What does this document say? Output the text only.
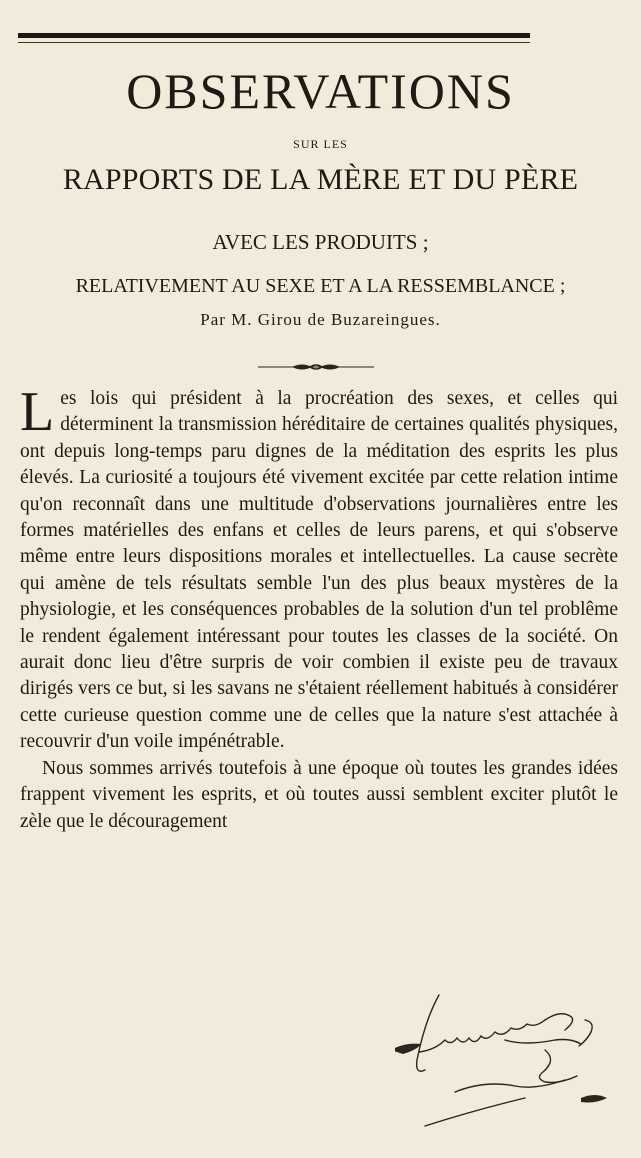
OBSERVATIONS
SUR LES
RAPPORTS DE LA MÈRE ET DU PÈRE
AVEC LES PRODUITS ;
RELATIVEMENT AU SEXE ET A LA RESSEMBLANCE ;
Par M. Girou de Buzareingues.

Les lois qui président à la procréation des sexes, et celles qui déterminent la transmission héréditaire de certaines qualités physiques, ont depuis long-temps paru dignes de la méditation des esprits les plus élevés. La curiosité a toujours été vivement excitée par cette relation intime qu'on reconnaît dans une multitude d'observations journalières entre les formes matérielles des enfans et celles de leurs parens, et qui s'observe même entre leurs dispositions morales et intellectuelles. La cause secrète qui amène de tels résultats semble l'un des plus beaux mystères de la physiologie, et les conséquences probables de la solution d'un tel problême le rendent également intéressant pour toutes les classes de la société. On aurait donc lieu d'être surpris de voir combien il existe peu de travaux dirigés vers ce but, si les savans ne s'étaient réellement habitués à considérer cette curieuse question comme une de celles que la nature s'est attachée à recouvrir d'un voile impénétrable.

Nous sommes arrivés toutefois à une époque où toutes les grandes idées frappent vivement les esprits, et où toutes aussi semblent exciter plutôt le zèle que le découragement
